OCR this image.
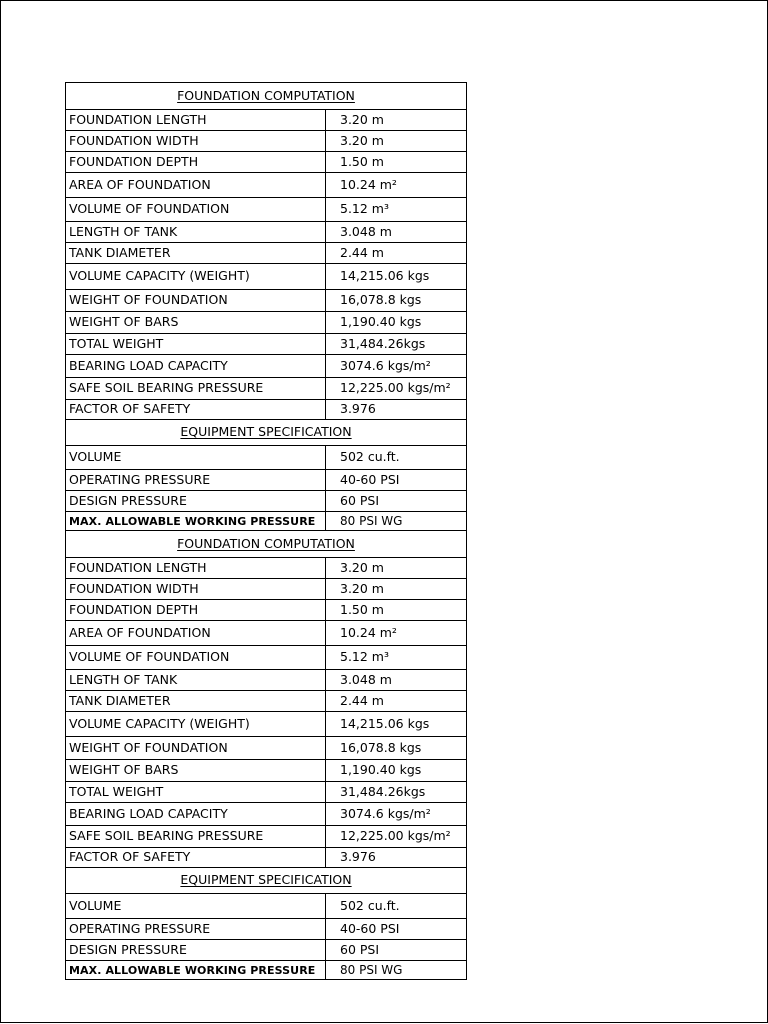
FOUNDATION COMPUTATION	
FOUNDATION LENGTH	3.20 m
FOUNDATION WIDTH	3.20 m
FOUNDATION DEPTH	1.50 m
AREA OF FOUNDATION	10.24 m²
VOLUME OF FOUNDATION	5.12 m³
LENGTH OF TANK	3.048 m
TANK DIAMETER	2.44 m
VOLUME CAPACITY (WEIGHT)	14,215.06 kgs
WEIGHT OF FOUNDATION	16,078.8 kgs
WEIGHT OF BARS	1,190.40 kgs
TOTAL WEIGHT	31,484.26kgs
BEARING LOAD CAPACITY	3074.6 kgs/m²
SAFE SOIL BEARING PRESSURE	12,225.00 kgs/m²
FACTOR OF SAFETY	3.976
EQUIPMENT SPECIFICATION	
VOLUME	502 cu.ft.
OPERATING PRESSURE	40-60 PSI
DESIGN PRESSURE	60 PSI
MAX. ALLOWABLE WORKING PRESSURE	80 PSI WG
FOUNDATION COMPUTATION	
FOUNDATION LENGTH	3.20 m
FOUNDATION WIDTH	3.20 m
FOUNDATION DEPTH	1.50 m
AREA OF FOUNDATION	10.24 m²
VOLUME OF FOUNDATION	5.12 m³
LENGTH OF TANK	3.048 m
TANK DIAMETER	2.44 m
VOLUME CAPACITY (WEIGHT)	14,215.06 kgs
WEIGHT OF FOUNDATION	16,078.8 kgs
WEIGHT OF BARS	1,190.40 kgs
TOTAL WEIGHT	31,484.26kgs
BEARING LOAD CAPACITY	3074.6 kgs/m²
SAFE SOIL BEARING PRESSURE	12,225.00 kgs/m²
FACTOR OF SAFETY	3.976
EQUIPMENT SPECIFICATION	
VOLUME	502 cu.ft.
OPERATING PRESSURE	40-60 PSI
DESIGN PRESSURE	60 PSI
MAX. ALLOWABLE WORKING PRESSURE	80 PSI WG
